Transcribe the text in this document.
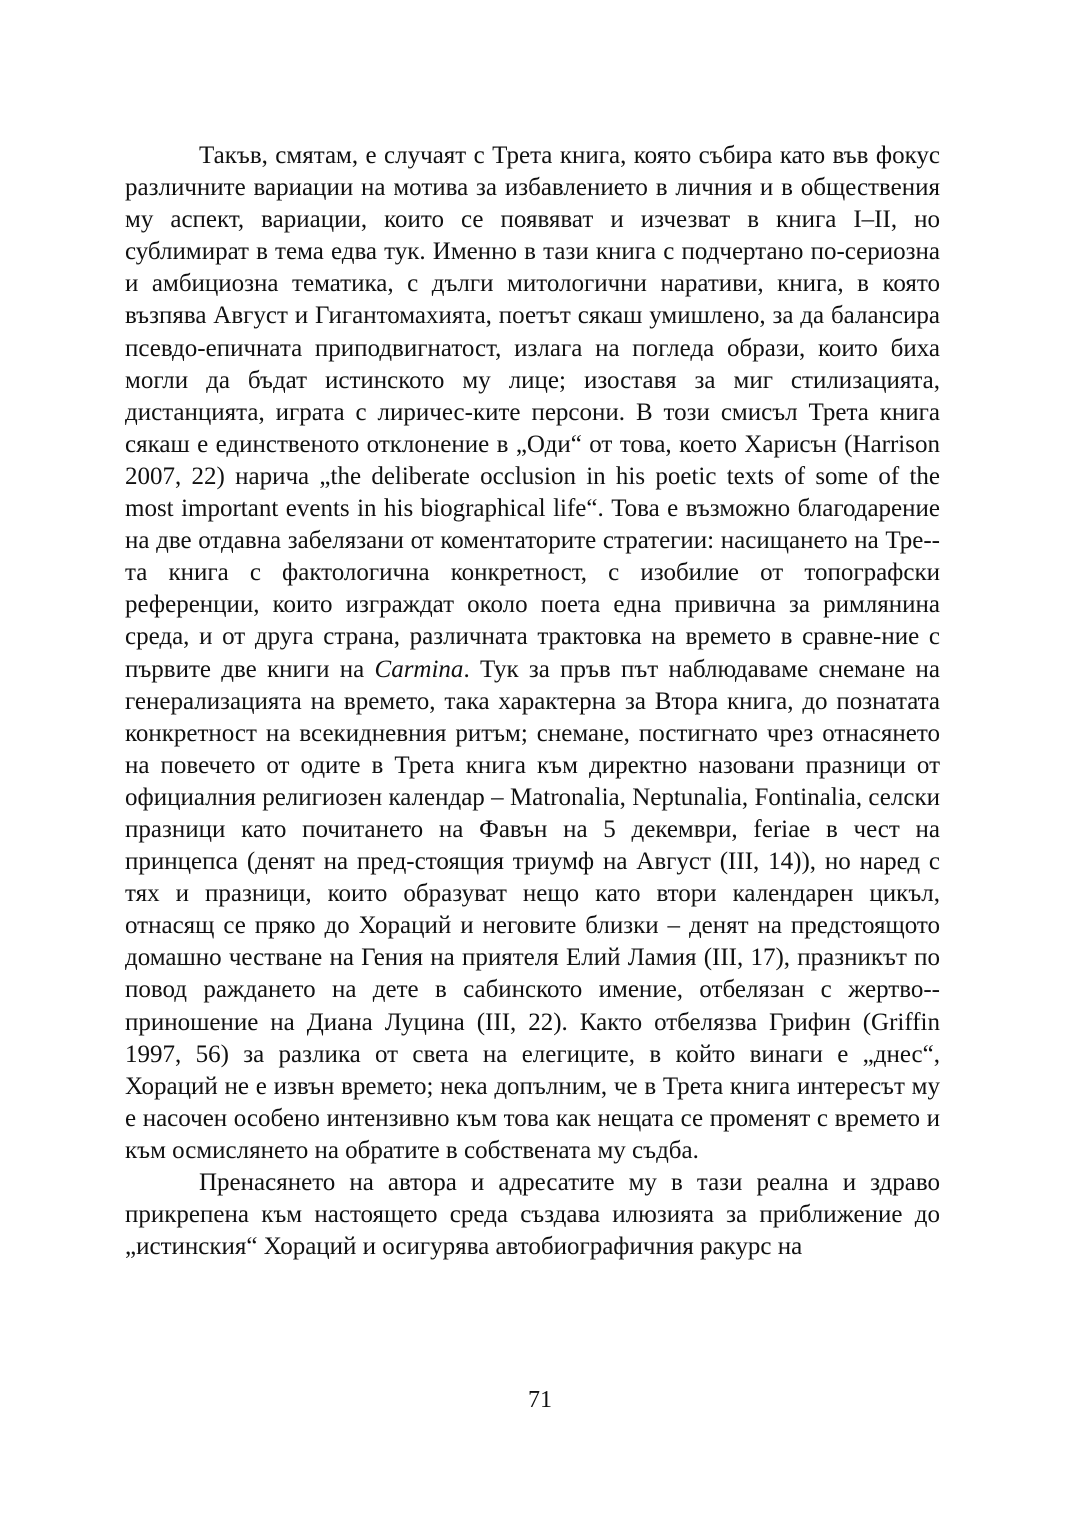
Такъв, смятам, е случаят с Трета книга, която събира като във фокус различните вариации на мотива за избавлението в личния и в обществения му аспект, вариации, които се появяват и изчезват в книга I–II, но сублимират в тема едва тук. Именно в тази книга с подчертано по-сериозна и амбициозна тематика, с дълги митологични наративи, книга, в която възпява Август и Гигантомахията, поетът сякаш умишлено, за да балансира псевдо-епичната приподвигнатост, излага на погледа образи, които биха могли да бъдат истинското му лице; изоставя за миг стилизацията, дистанцията, играта с лиричес-ките персони. В този смисъл Трета книга сякаш е единственото отклонение в „Оди“ от това, което Харисън (Harrison 2007, 22) нарича „the deliberate occlusion in his poetic texts of some of the most important events in his biographical life“. Това е възможно благодарение на две отдавна забелязани от коментаторите стратегии: насищането на Тре-та книга с фактологична конкретност, с изобилие от топографски референции, които изграждат около поета една привична за римлянина среда, и от друга страна, различната трактовка на времето в сравне-ние с първите две книги на Carmina. Тук за пръв път наблюдаваме снемане на генерализацията на времето, така характерна за Втора книга, до познатата конкретност на всекидневния ритъм; снемане, постигнато чрез отнасянето на повечето от одите в Трета книга към директно назовани празници от официалния религиозен календар – Matronalia, Neptunalia, Fontinalia, селски празници като почитането на Фавън на 5 декември, feriae в чест на принцепса (денят на пред-стоящия триумф на Август (III, 14)), но наред с тях и празници, които образуват нещо като втори календарен цикъл, отнасящ се пряко до Хораций и неговите близки – денят на предстоящото домашно честване на Гения на приятеля Елий Ламия (III, 17), празникът по повод раждането на дете в сабинското имение, отбелязан с жертво-приношение на Диана Луцина (III, 22). Както отбелязва Грифин (Griffin 1997, 56) за разлика от света на елегиците, в който винаги е „днес“, Хораций не е извън времето; нека допълним, че в Трета книга интересът му е насочен особено интензивно към това как нещата се променят с времето и към осмислянето на обратите в собствената му съдба.

Пренасянето на автора и адресатите му в тази реална и здраво прикрепена към настоящето среда създава илюзията за приближение до „истинския“ Хораций и осигурява автобиографичния ракурс на

71
